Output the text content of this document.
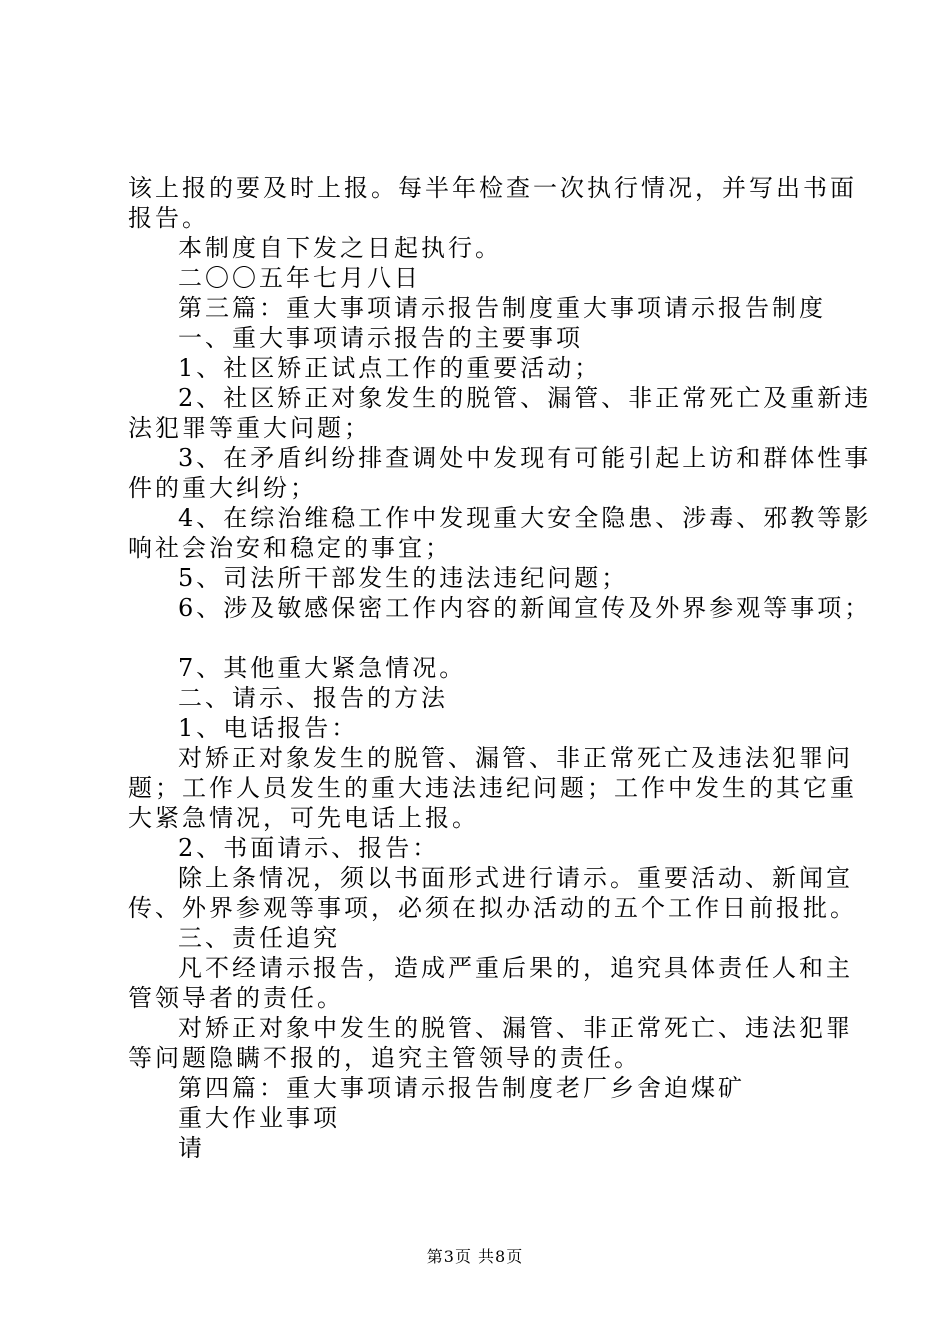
该上报的要及时上报。每半年检查一次执行情况，并写出书面
报告。
本制度自下发之日起执行。
二〇〇五年七月八日
第三篇：重大事项请示报告制度重大事项请示报告制度
一、重大事项请示报告的主要事项
1、社区矫正试点工作的重要活动；
2、社区矫正对象发生的脱管、漏管、非正常死亡及重新违
法犯罪等重大问题；
3、在矛盾纠纷排查调处中发现有可能引起上访和群体性事
件的重大纠纷；
4、在综治维稳工作中发现重大安全隐患、涉毒、邪教等影
响社会治安和稳定的事宜；
5、司法所干部发生的违法违纪问题；
6、涉及敏感保密工作内容的新闻宣传及外界参观等事项；
7、其他重大紧急情况。
二、请示、报告的方法
1、电话报告：
对矫正对象发生的脱管、漏管、非正常死亡及违法犯罪问
题；工作人员发生的重大违法违纪问题；工作中发生的其它重
大紧急情况，可先电话上报。
2、书面请示、报告：
除上条情况，须以书面形式进行请示。重要活动、新闻宣
传、外界参观等事项，必须在拟办活动的五个工作日前报批。
三、责任追究
凡不经请示报告，造成严重后果的，追究具体责任人和主
管领导者的责任。
对矫正对象中发生的脱管、漏管、非正常死亡、违法犯罪
等问题隐瞒不报的，追究主管领导的责任。
第四篇：重大事项请示报告制度老厂乡舍迫煤矿
重大作业事项
请
第3页 共8页
